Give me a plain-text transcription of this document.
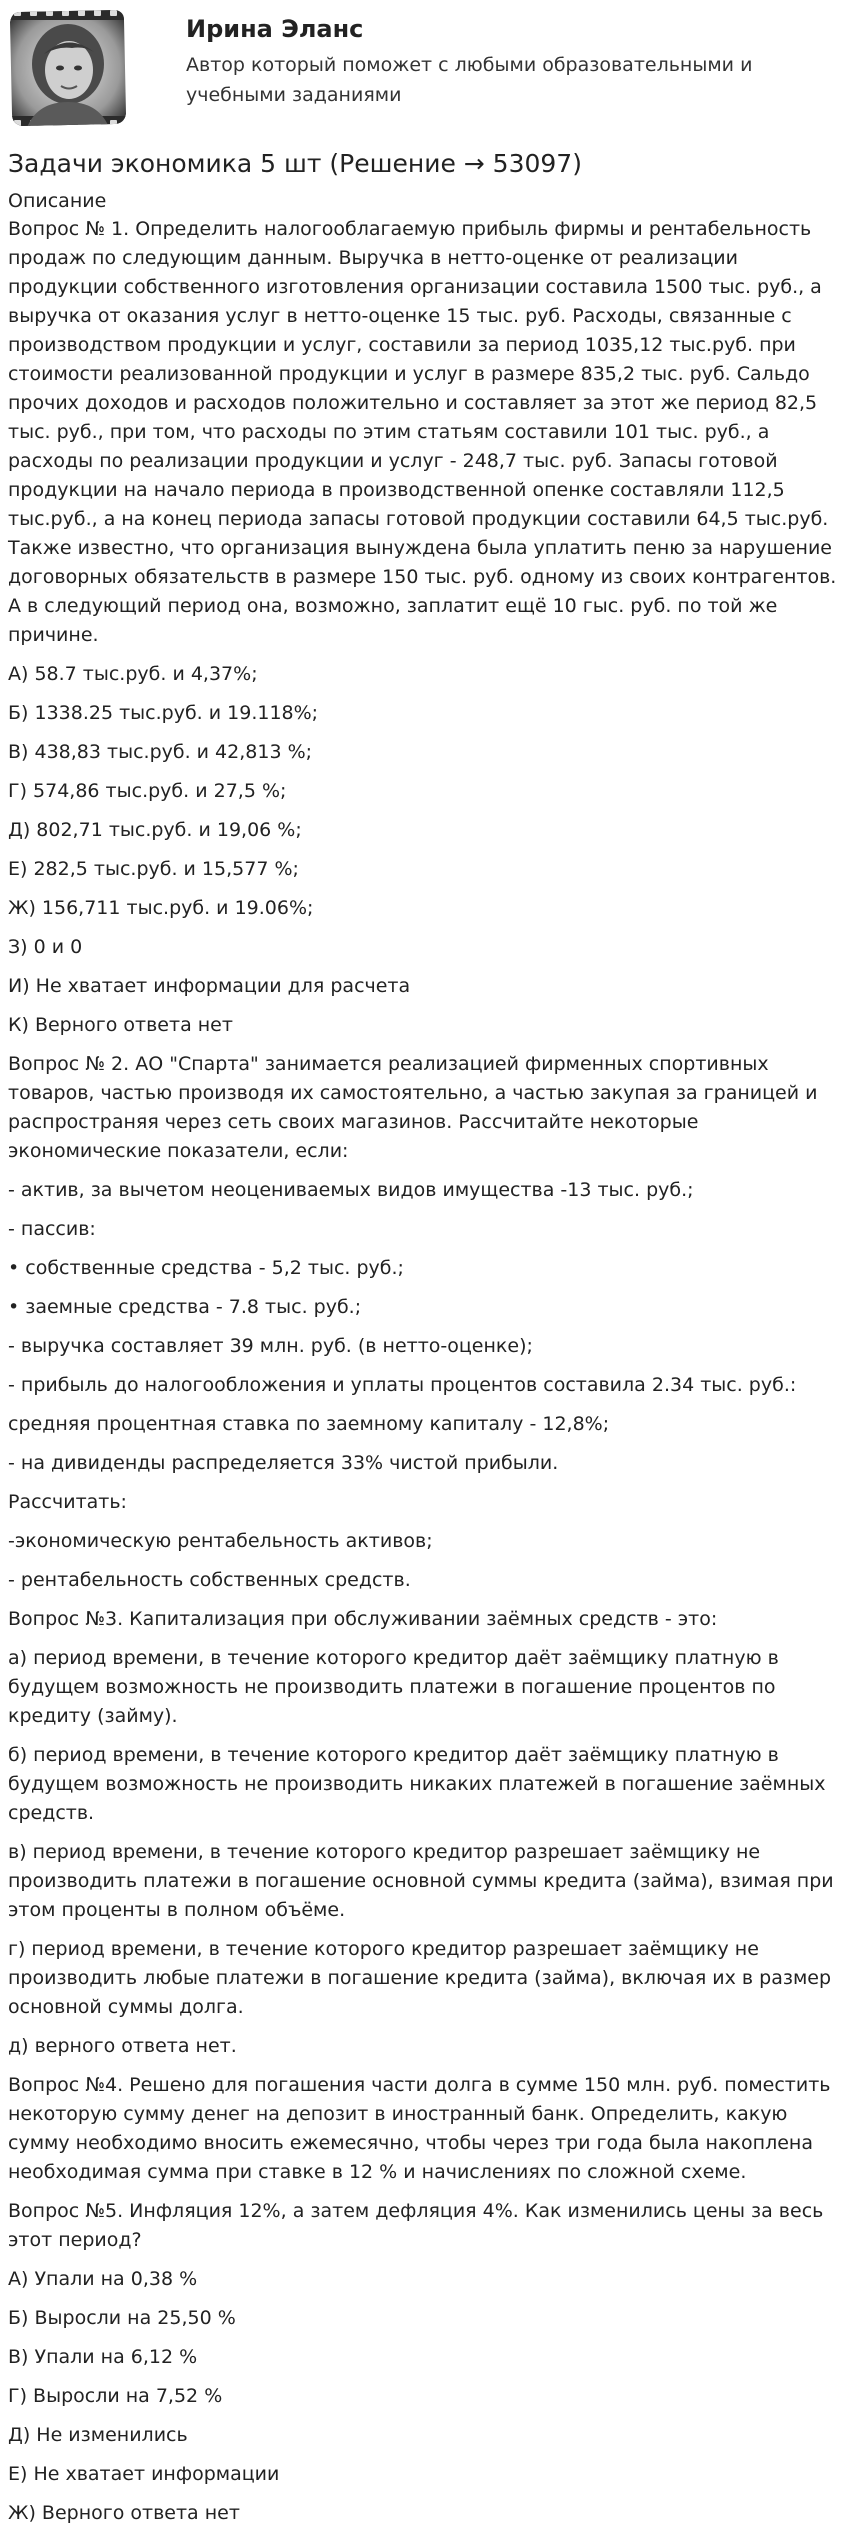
Ирина Эланс
Автор который поможет с любыми образовательными и учебными заданиями
Задачи экономика 5 шт (Решение → 53097)
Описание
Вопрос № 1. Определить налогооблагаемую прибыль фирмы и рентабельность продаж по следующим данным. Выручка в нетто-оценке от реализации продукции собственного изготовления организации составила 1500 тыс. руб., а выручка от оказания услуг в нетто-оценке 15 тыс. руб. Расходы, связанные с производством продукции и услуг, составили за период 1035,12 тыс.руб. при стоимости реализованной продукции и услуг в размере 835,2 тыс. руб. Сальдо прочих доходов и расходов положительно и составляет за этот же период 82,5 тыс. руб., при том, что расходы по этим статьям составили 101 тыс. руб., а расходы по реализации продукции и услуг - 248,7 тыс. руб. Запасы готовой продукции на начало периода в производственной опенке составляли 112,5 тыс.руб., а на конец периода запасы готовой продукции составили 64,5 тыс.руб. Также известно, что организация вынуждена была уплатить пеню за нарушение договорных обязательств в размере 150 тыс. руб. одному из своих контрагентов. А в следующий период она, возможно, заплатит ещё 10 гыс. руб. по той же причине.
А) 58.7 тыс.руб. и 4,37%;
Б) 1338.25 тыс.руб. и 19.118%;
В) 438,83 тыс.руб. и 42,813 %;
Г) 574,86 тыс.руб. и 27,5 %;
Д) 802,71 тыс.руб. и 19,06 %;
Е) 282,5 тыс.руб. и 15,577 %;
Ж) 156,711 тыс.руб. и 19.06%;
З) 0 и 0
И) Не хватает информации для расчета
К) Верного ответа нет
Вопрос № 2. АО "Спарта" занимается реализацией фирменных спортивных товаров, частью производя их самостоятельно, а частью закупая за границей и распространяя через сеть своих магазинов. Рассчитайте некоторые экономические показатели, если:
- актив, за вычетом неоцениваемых видов имущества -13 тыс. руб.;
- пассив:
• собственные средства - 5,2 тыс. руб.;
• заемные средства - 7.8 тыс. руб.;
- выручка составляет 39 млн. руб. (в нетто-оценке);
- прибыль до налогообложения и уплаты процентов составила 2.34 тыс. руб.:
средняя процентная ставка по заемному капиталу - 12,8%;
- на дивиденды распределяется 33% чистой прибыли.
Рассчитать:
-экономическую рентабельность активов;
- рентабельность собственных средств.
Вопрос №3. Капитализация при обслуживании заёмных средств - это:
а) период времени, в течение которого кредитор даёт заёмщику платную в будущем возможность не производить платежи в погашение процентов по кредиту (займу).
б) период времени, в течение которого кредитор даёт заёмщику платную в будущем возможность не производить никаких платежей в погашение заёмных средств.
в) период времени, в течение которого кредитор разрешает заёмщику не производить платежи в погашение основной суммы кредита (займа), взимая при этом проценты в полном объёме.
г) период времени, в течение которого кредитор разрешает заёмщику не производить любые платежи в погашение кредита (займа), включая их в размер основной суммы долга.
д) верного ответа нет.
Вопрос №4. Решено для погашения части долга в сумме 150 млн. руб. поместить некоторую сумму денег на депозит в иностранный банк. Определить, какую сумму необходимо вносить ежемесячно, чтобы через три года была накоплена необходимая сумма при ставке в 12 % и начислениях по сложной схеме.
Вопрос №5. Инфляция 12%, а затем дефляция 4%. Как изменились цены за весь этот период?
А) Упали на 0,38 %
Б) Выросли на 25,50 %
В) Упали на 6,12 %
Г) Выросли на 7,52 %
Д) Не изменились
Е) Не хватает информации
Ж) Верного ответа нет
